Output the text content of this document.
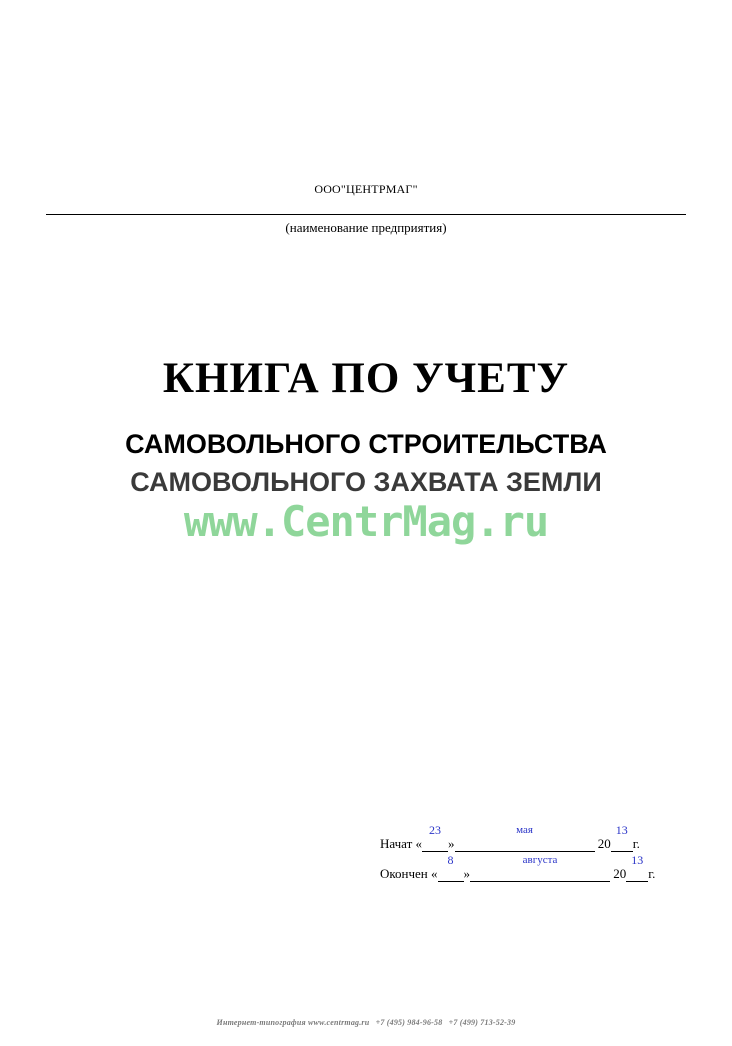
ООО"ЦЕНТРМАГ"
(наименование предприятия)
КНИГА ПО УЧЕТУ
САМОВОЛЬНОГО СТРОИТЕЛЬСТВА
САМОВОЛЬНОГО ЗАХВАТА ЗЕМЛИ
www.CentrMag.ru
Начат «
23
»
мая
20
13
г.
Окончен «
8
»
августа
20
13
г.
Интернет-типография www.centrmag.ru +7 (495) 984-96-58 +7 (499) 713-52-39
